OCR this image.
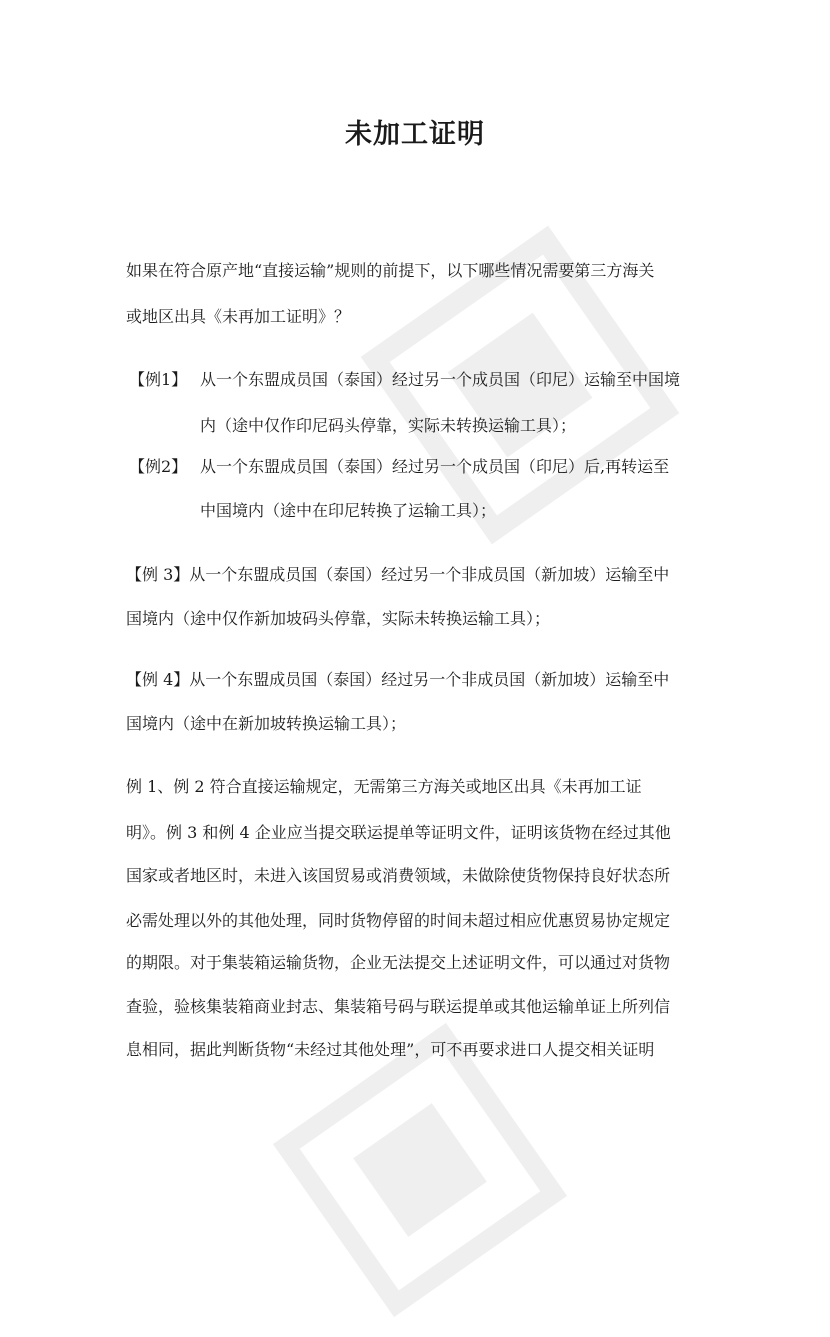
未加工证明
如果在符合原产地“直接运输”规则的前提下，以下哪些情况需要第三方海关
或地区出具《未再加工证明》？
【例1】 从一个东盟成员国（泰国）经过另一个成员国（印尼）运输至中国境
内（途中仅作印尼码头停靠，实际未转换运输工具）；
【例2】 从一个东盟成员国（泰国）经过另一个成员国（印尼）后,再转运至
中国境内（途中在印尼转换了运输工具）；
【例 3】从一个东盟成员国（泰国）经过另一个非成员国（新加坡）运输至中
国境内（途中仅作新加坡码头停靠，实际未转换运输工具）；
【例 4】从一个东盟成员国（泰国）经过另一个非成员国（新加坡）运输至中
国境内（途中在新加坡转换运输工具）；
例 1、例 2 符合直接运输规定，无需第三方海关或地区出具《未再加工证
明》。例 3 和例 4 企业应当提交联运提单等证明文件，证明该货物在经过其他
国家或者地区时，未进入该国贸易或消费领域，未做除使货物保持良好状态所
必需处理以外的其他处理，同时货物停留的时间未超过相应优惠贸易协定规定
的期限。对于集装箱运输货物，企业无法提交上述证明文件，可以通过对货物
查验，验核集装箱商业封志、集装箱号码与联运提单或其他运输单证上所列信
息相同，据此判断货物“未经过其他处理”，可不再要求进口人提交相关证明
